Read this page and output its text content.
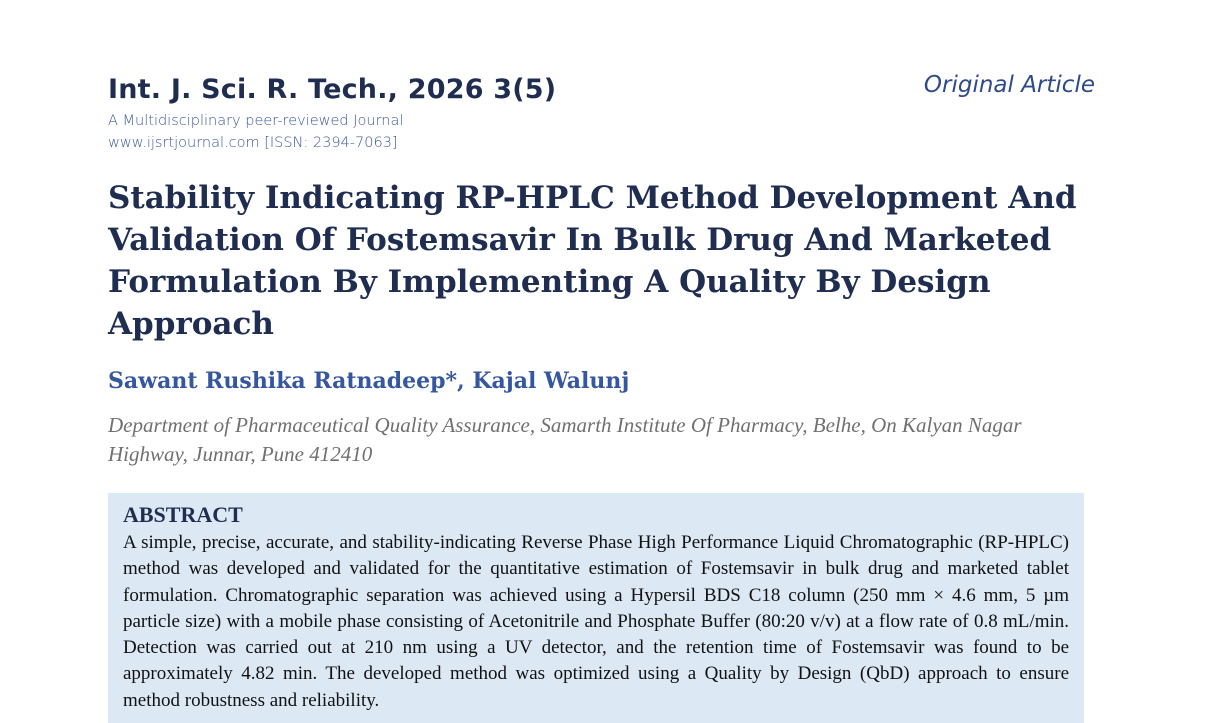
Int. J. Sci. R. Tech., 2026 3(5)	Original Article
A Multidisciplinary peer-reviewed Journal
www.ijsrtjournal.com [ISSN: 2394-7063]
Stability Indicating RP-HPLC Method Development And Validation Of Fostemsavir In Bulk Drug And Marketed Formulation By Implementing A Quality By Design Approach
Sawant Rushika Ratnadeep*, Kajal Walunj
Department of Pharmaceutical Quality Assurance, Samarth Institute Of Pharmacy, Belhe, On Kalyan Nagar Highway, Junnar, Pune 412410
ABSTRACT

A simple, precise, accurate, and stability-indicating Reverse Phase High Performance Liquid Chromatographic (RP-HPLC) method was developed and validated for the quantitative estimation of Fostemsavir in bulk drug and marketed tablet formulation. Chromatographic separation was achieved using a Hypersil BDS C18 column (250 mm × 4.6 mm, 5 µm particle size) with a mobile phase consisting of Acetonitrile and Phosphate Buffer (80:20 v/v) at a flow rate of 0.8 mL/min. Detection was carried out at 210 nm using a UV detector, and the retention time of Fostemsavir was found to be approximately 4.82 min. The developed method was optimized using a Quality by Design (QbD) approach to ensure method robustness and reliability.
